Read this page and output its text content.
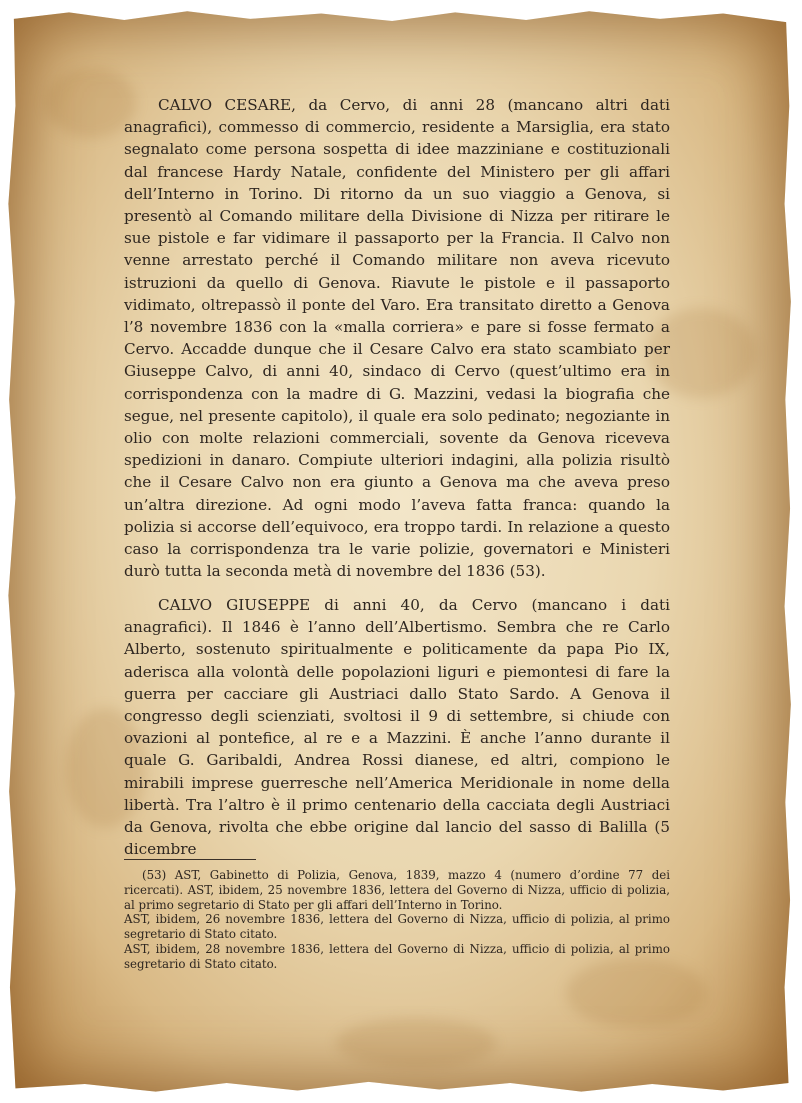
CALVO CESARE, da Cervo, di anni 28 (mancano altri dati anagrafici), commesso di commercio, residente a Marsiglia, era stato segnalato come persona sospetta di idee mazziniane e costituzionali dal francese Hardy Natale, confidente del Ministero per gli affari dell’Interno in Torino. Di ritorno da un suo viaggio a Genova, si presentò al Comando militare della Divisione di Nizza per ritirare le sue pistole e far vidimare il passaporto per la Francia. Il Calvo non venne arrestato perché il Comando militare non aveva ricevuto istruzioni da quello di Genova. Riavute le pistole e il passaporto vidimato, oltrepassò il ponte del Varo. Era transitato diretto a Genova l’8 novembre 1836 con la «malla corriera» e pare si fosse fermato a Cervo. Accadde dunque che il Cesare Calvo era stato scambiato per Giuseppe Calvo, di anni 40, sindaco di Cervo (quest’ultimo era in corrispondenza con la madre di G. Mazzini, vedasi la biografia che segue, nel presente capitolo), il quale era solo pedinato; negoziante in olio con molte relazioni commerciali, sovente da Genova riceveva spedizioni in danaro. Compiute ulteriori indagini, alla polizia risultò che il Cesare Calvo non era giunto a Genova ma che aveva preso un’altra direzione. Ad ogni modo l’aveva fatta franca: quando la polizia si accorse dell’equivoco, era troppo tardi. In relazione a questo caso la corrispondenza tra le varie polizie, governatori e Ministeri durò tutta la seconda metà di novembre del 1836 (53).

CALVO GIUSEPPE di anni 40, da Cervo (mancano i dati anagrafici). Il 1846 è l’anno dell’Albertismo. Sembra che re Carlo Alberto, sostenuto spiritualmente e politicamente da papa Pio IX, aderisca alla volontà delle popolazioni liguri e piemontesi di fare la guerra per cacciare gli Austriaci dallo Stato Sardo. A Genova il congresso degli scienziati, svoltosi il 9 di settembre, si chiude con ovazioni al pontefice, al re e a Mazzini. È anche l’anno durante il quale G. Garibaldi, Andrea Rossi dianese, ed altri, compiono le mirabili imprese guerresche nell’America Meridionale in nome della libertà. Tra l’altro è il primo centenario della cacciata degli Austriaci da Genova, rivolta che ebbe origine dal lancio del sasso di Balilla (5 dicembre

(53) AST, Gabinetto di Polizia, Genova, 1839, mazzo 4 (numero d’ordine 77 dei ricercati). AST, ibidem, 25 novembre 1836, lettera del Governo di Nizza, ufficio di polizia, al primo segretario di Stato per gli affari dell’Interno in Torino.

AST, ibidem, 26 novembre 1836, lettera del Governo di Nizza, ufficio di polizia, al primo segretario di Stato citato.

AST, ibidem, 28 novembre 1836, lettera del Governo di Nizza, ufficio di polizia, al primo segretario di Stato citato.
